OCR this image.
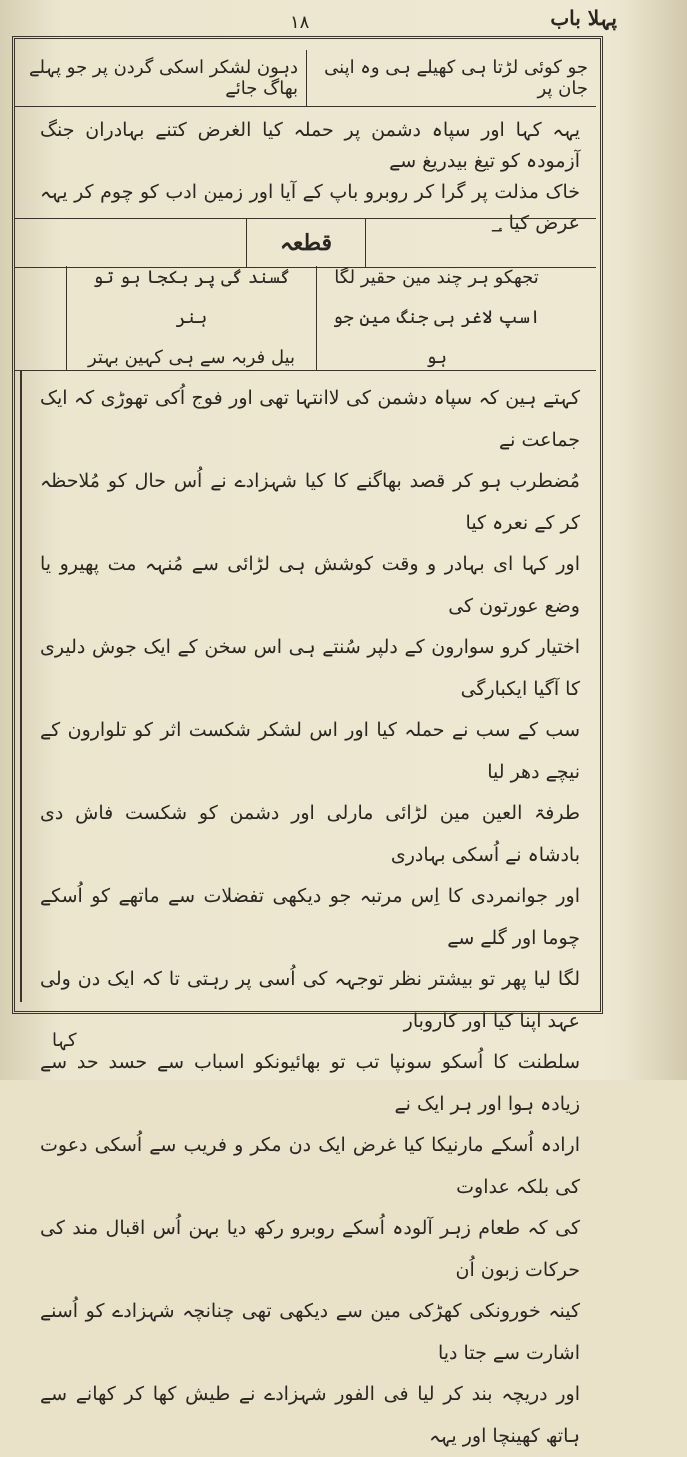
پہلا باب
۱۸
جو کوئی لڑتا ہی کھیلے ہی وہ اپنی جان پر
دہون لشکر اسکی گردن پر جو پہلے بھاگ جائے

یہہ کہا اور سپاہ دشمن پر حملہ کیا الغرض کتنے بہادران جنگ آزمودہ کو تیغ بیدریغ سے

خاک مذلت پر گرا کر روبرو باپ کے آیا اور زمین ادب کو چوم کر یہہ عرض کیا ؀

قطعہ
تجھکو ہر چند مین حقیر لگا
اسپ لاغر ہی جنگ مین جو ہو
گسند گی پر بکجا ہو تو ہنر
بیل فربہ سے ہی کہین بہتر

کہتے ہین کہ سپاہ دشمن کی لاانتہا تھی اور فوج اُکی تھوڑی کہ ایک جماعت نے

مُضطرب ہو کر قصد بھاگنے کا کیا شہزادے نے اُس حال کو مُلاحظہ کر کے نعرہ کیا

اور کہا ای بہادر و وقت کوشش ہی لڑائی سے مُنہہ مت پھیرو یا وضع عورتون کی

اختیار کرو سوارون کے دلپر سُنتے ہی اس سخن کے ایک جوش دلیری کا آگیا ایکبارگی

سب کے سب نے حملہ کیا اور اس لشکر شکست اثر کو تلوارون کے نیچے دھر لیا

طرفۃ العین مین لڑائی مارلی اور دشمن کو شکست فاش دی بادشاہ نے اُسکی بہادری

اور جوانمردی کا اِس مرتبہ جو دیکھی تفضلات سے ماتھے کو اُسکے چوما اور گلے سے

لگا لیا پھر تو بیشتر نظر توجہہ کی اُسی پر رہتی تا کہ ایک دن ولی عہد اپنا کیا اور کاروبار

سلطنت کا اُسکو سونپا تب تو بھائیونکو اسباب سے حسد حد سے زیادہ ہوا اور ہر ایک نے

ارادہ اُسکے مارنیکا کیا غرض ایک دن مکر و فریب سے اُسکی دعوت کی بلکہ عداوت

کی کہ طعام زہر آلودہ اُسکے روبرو رکھ دیا بہن اُس اقبال مند کی حرکات زبون اُن

کینہ خورونکی کھڑکی مین سے دیکھی تھی چنانچہ شہزادے کو اُسنے اشارت سے جتا دیا

اور دریچہ بند کر لیا فی الفور شہزادے نے طیش کھا کر کھانے سے ہاتھ کھینچا اور یہہ

کہا
